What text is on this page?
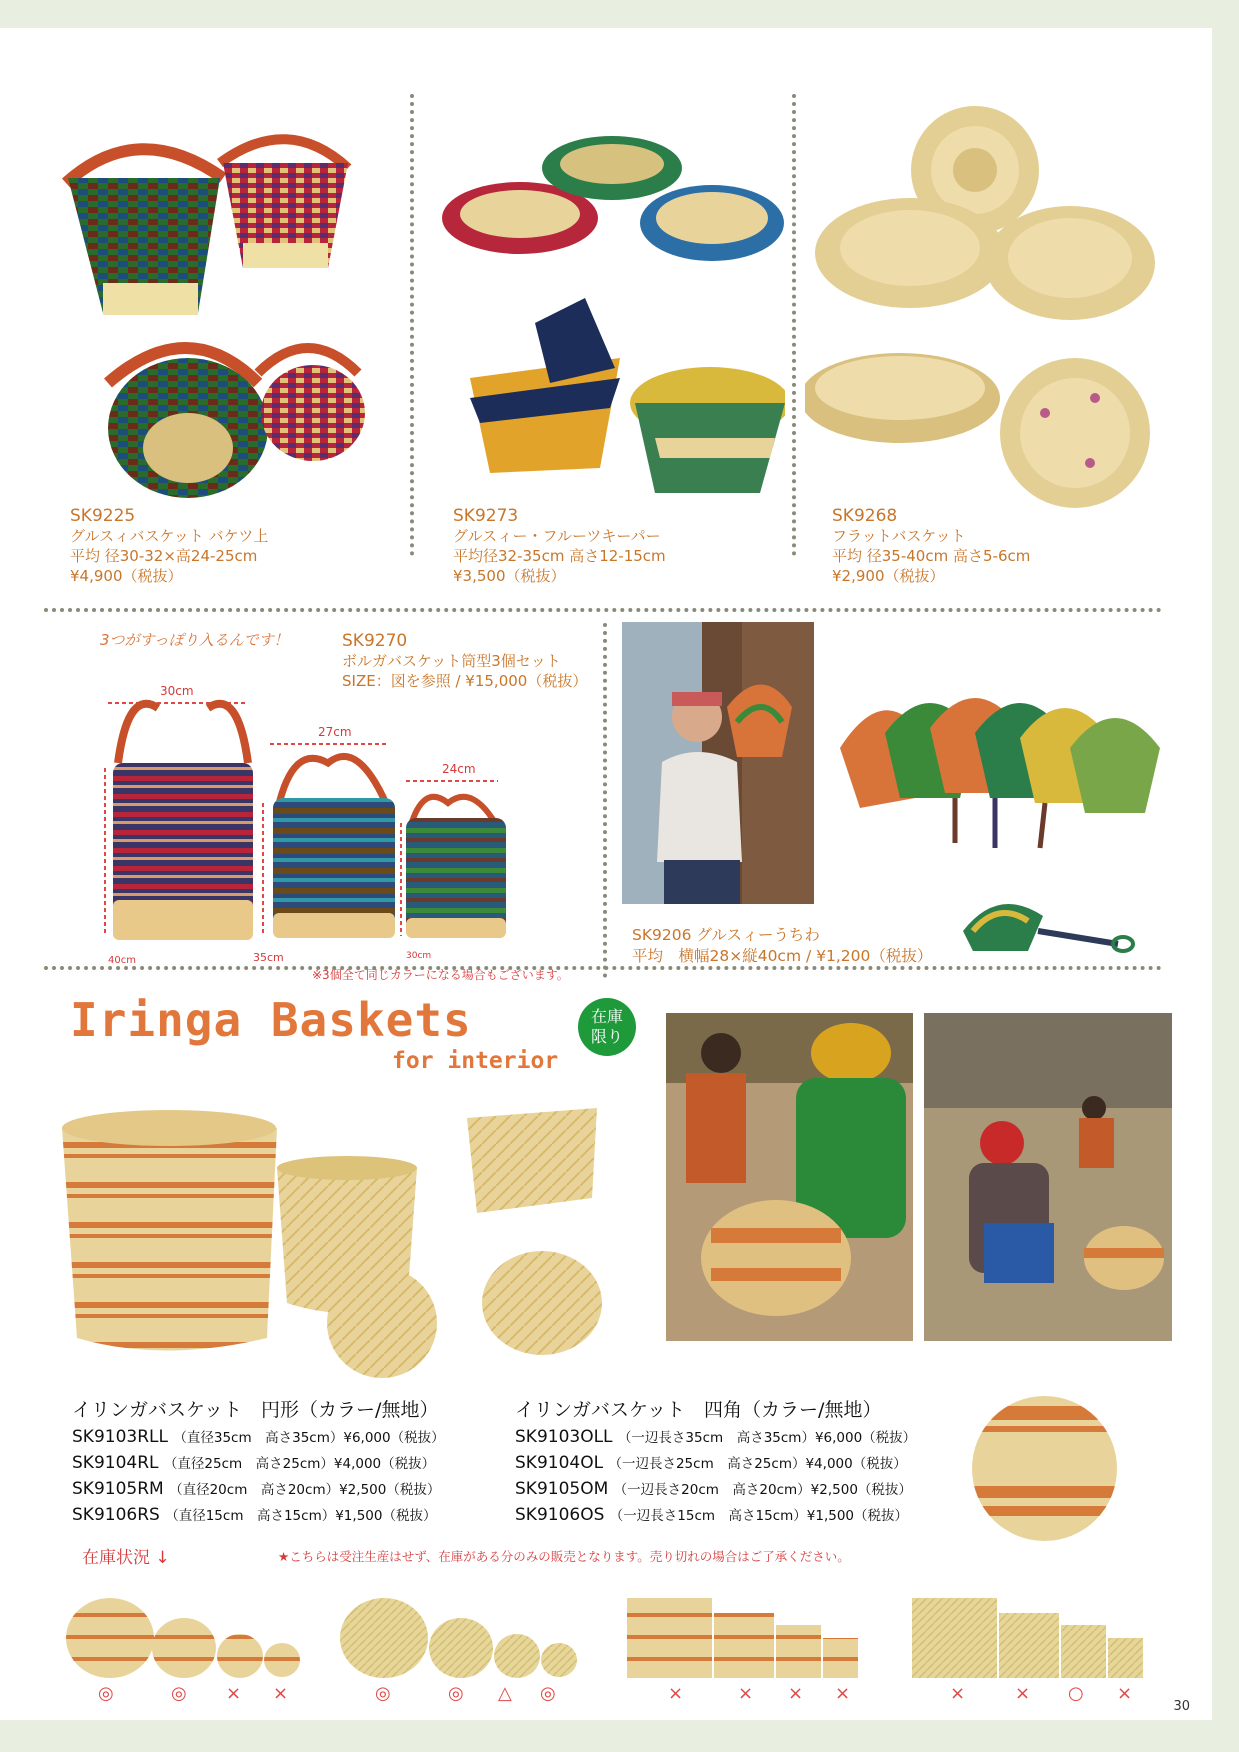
SK9225
グルスィバスケット バケツ上
平均 径30-32×高24-25cm
¥4,900（税抜）
SK9273
グルスィー・フルーツキーパー
平均径32-35cm 高さ12-15cm
¥3,500（税抜）
SK9268
フラットバスケット
平均 径35-40cm 高さ5-6cm
¥2,900（税抜）
3つがすっぽり入るんです！	SK9270
ボルガバスケット筒型3個セット
SIZE：図を参照 / ¥15,000（税抜）
30cm
27cm
24cm
40cm	35cm	30cm
※3個全て同じカラーになる場合もございます。
SK9206 グルスィーうちわ
平均　横幅28×縦40cm / ¥1,200（税抜）
Iringa Baskets
for interior
在庫限り
イリンガバスケット　円形（カラー/無地）
SK9103RLL （直径35cm　高さ35cm）¥6,000（税抜）
SK9104RL （直径25cm　高さ25cm）¥4,000（税抜）
SK9105RM （直径20cm　高さ20cm）¥2,500（税抜）
SK9106RS （直径15cm　高さ15cm）¥1,500（税抜）
イリンガバスケット　四角（カラー/無地）
SK9103OLL （一辺長さ35cm　高さ35cm）¥6,000（税抜）
SK9104OL （一辺長さ25cm　高さ25cm）¥4,000（税抜）
SK9105OM （一辺長さ20cm　高さ20cm）¥2,500（税抜）
SK9106OS （一辺長さ15cm　高さ15cm）¥1,500（税抜）
在庫状況 ↓	★こちらは受注生産はせず、在庫がある分のみの販売となります。売り切れの場合はご了承ください。
◎	◎ × ×	◎	◎ △ ◎	×	× × ×	×	× ○ ×
30
